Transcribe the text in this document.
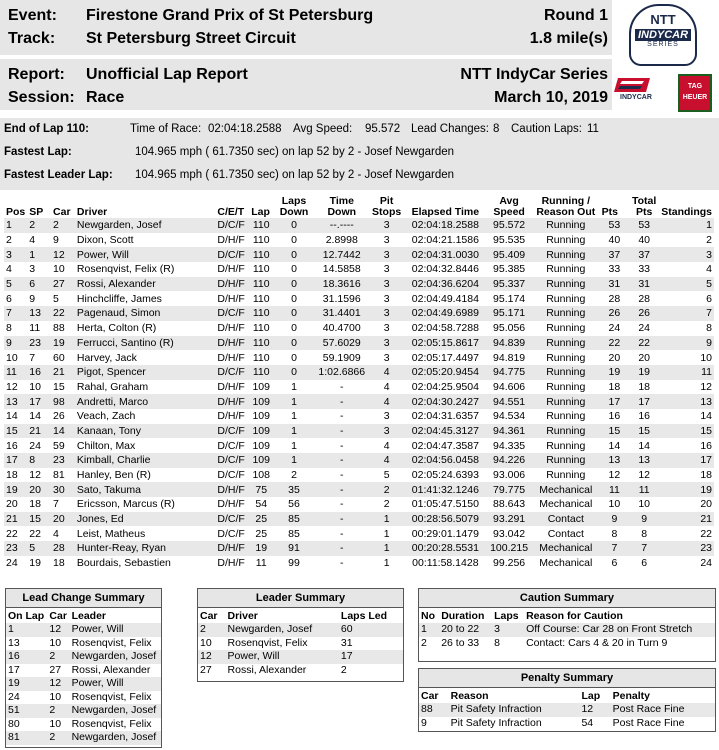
Event: Firestone Grand Prix of St Petersburg	Round 1
Track: St Petersburg Street Circuit	1.8 mile(s)
Report: Unofficial Lap Report	NTT IndyCar Series
Session: Race	March 10, 2019
NTT
INDYCAR
SERIES
INDYCAR
TAG
HEUER
End of Lap 110:	Time of Race: 02:04:18.2588 Avg Speed: 95.572 Lead Changes: 8 Caution Laps: 11
Fastest Lap:	104.965 mph ( 61.7350 sec) on lap 52 by 2 - Josef Newgarden
Fastest Leader Lap: 104.965 mph ( 61.7350 sec) on lap 52 by 2 - Josef Newgarden
Pos	SP	Car	Driver	C/E/T	Lap	Laps
Down	Time
Down	Pit
Stops	Elapsed Time	Avg
Speed	Running /
Reason Out	Pts	Total
Pts	Standings
1	2	2	Newgarden, Josef	D/C/F	110	0	--.----	3	02:04:18.2588	95.572	Running	53	53	1
2	4	9	Dixon, Scott	D/H/F	110	0	2.8998	3	02:04:21.1586	95.535	Running	40	40	2
3	1	12	Power, Will	D/C/F	110	0	12.7442	3	02:04:31.0030	95.409	Running	37	37	3
4	3	10	Rosenqvist, Felix (R)	D/H/F	110	0	14.5858	3	02:04:32.8446	95.385	Running	33	33	4
5	6	27	Rossi, Alexander	D/H/F	110	0	18.3616	3	02:04:36.6204	95.337	Running	31	31	5
6	9	5	Hinchcliffe, James	D/H/F	110	0	31.1596	3	02:04:49.4184	95.174	Running	28	28	6
7	13	22	Pagenaud, Simon	D/C/F	110	0	31.4401	3	02:04:49.6989	95.171	Running	26	26	7
8	11	88	Herta, Colton (R)	D/H/F	110	0	40.4700	3	02:04:58.7288	95.056	Running	24	24	8
9	23	19	Ferrucci, Santino (R)	D/H/F	110	0	57.6029	3	02:05:15.8617	94.839	Running	22	22	9
10	7	60	Harvey, Jack	D/H/F	110	0	59.1909	3	02:05:17.4497	94.819	Running	20	20	10
11	16	21	Pigot, Spencer	D/C/F	110	0	1:02.6866	4	02:05:20.9454	94.775	Running	19	19	11
12	10	15	Rahal, Graham	D/H/F	109	1	-	4	02:04:25.9504	94.606	Running	18	18	12
13	17	98	Andretti, Marco	D/H/F	109	1	-	4	02:04:30.2427	94.551	Running	17	17	13
14	14	26	Veach, Zach	D/H/F	109	1	-	3	02:04:31.6357	94.534	Running	16	16	14
15	21	14	Kanaan, Tony	D/C/F	109	1	-	3	02:04:45.3127	94.361	Running	15	15	15
16	24	59	Chilton, Max	D/C/F	109	1	-	4	02:04:47.3587	94.335	Running	14	14	16
17	8	23	Kimball, Charlie	D/C/F	109	1	-	4	02:04:56.0458	94.226	Running	13	13	17
18	12	81	Hanley, Ben (R)	D/C/F	108	2	-	5	02:05:24.6393	93.006	Running	12	12	18
19	20	30	Sato, Takuma	D/H/F	75	35	-	2	01:41:32.1246	79.775	Mechanical	11	11	19
20	18	7	Ericsson, Marcus (R)	D/H/F	54	56	-	2	01:05:47.5150	88.643	Mechanical	10	10	20
21	15	20	Jones, Ed	D/C/F	25	85	-	1	00:28:56.5079	93.291	Contact	9	9	21
22	22	4	Leist, Matheus	D/C/F	25	85	-	1	00:29:01.1479	93.042	Contact	8	8	22
23	5	28	Hunter-Reay, Ryan	D/H/F	19	91	-	1	00:20:28.5531	100.215	Mechanical	7	7	23
24	19	18	Bourdais, Sebastien	D/H/F	11	99	-	1	00:11:58.1428	99.256	Mechanical	6	6	24
Lead Change Summary
On Lap	Car	Leader
1	12	Power, Will
13	10	Rosenqvist, Felix
16	2	Newgarden, Josef
17	27	Rossi, Alexander
19	12	Power, Will
24	10	Rosenqvist, Felix
51	2	Newgarden, Josef
80	10	Rosenqvist, Felix
81	2	Newgarden, Josef
Leader Summary
Car	Driver	Laps Led
2	Newgarden, Josef	60
10	Rosenqvist, Felix	31
12	Power, Will	17
27	Rossi, Alexander	2
Caution Summary
No	Duration	Laps	Reason for Caution
1	20 to 22	3	Off Course: Car 28 on Front Stretch
2	26 to 33	8	Contact: Cars 4 & 20 in Turn 9
Penalty Summary
Car	Reason	Lap	Penalty
88	Pit Safety Infraction	12	Post Race Fine
9	Pit Safety Infraction	54	Post Race Fine
